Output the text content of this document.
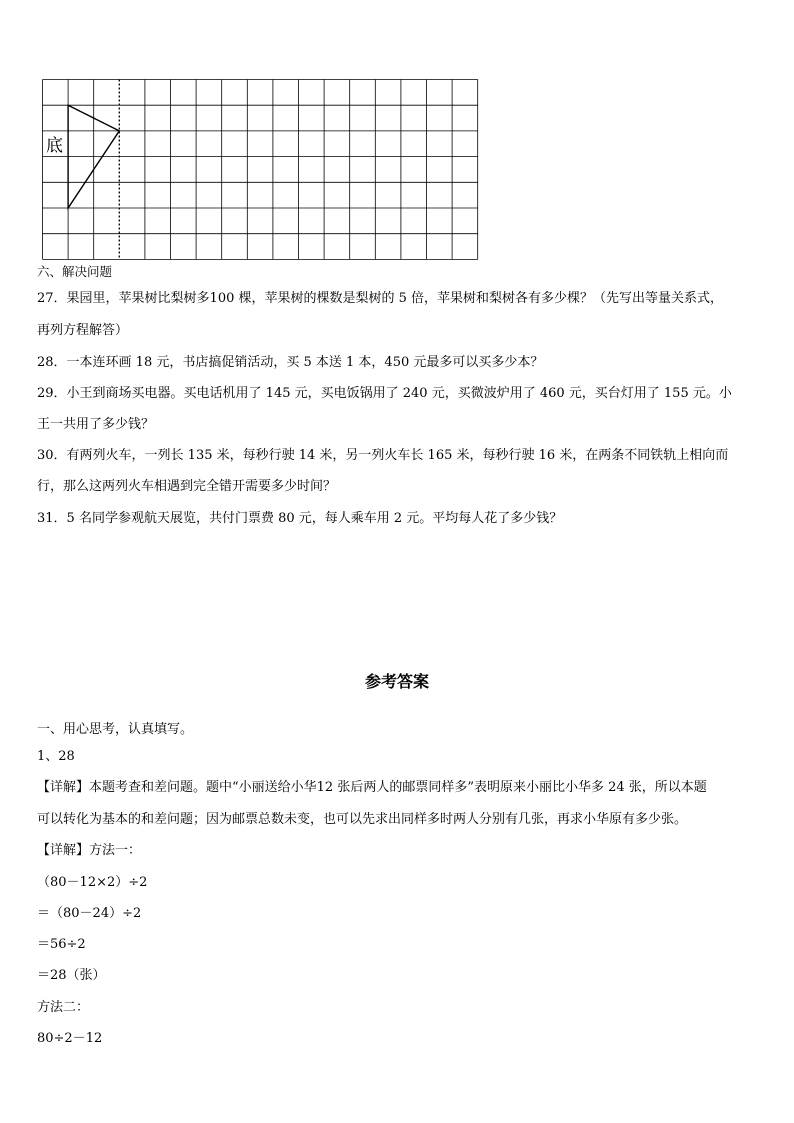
底
六、解决问题
27．果园里，苹果树比梨树多100 棵，苹果树的棵数是梨树的 5 倍，苹果树和梨树各有多少棵？（先写出等量关系式，
再列方程解答）
28．一本连环画 18 元，书店搞促销活动，买 5 本送 1 本，450 元最多可以买多少本？
29．小王到商场买电器。买电话机用了 145 元，买电饭锅用了 240 元，买微波炉用了 460 元，买台灯用了 155 元。小
王一共用了多少钱？
30．有两列火车，一列长 135 米，每秒行驶 14 米，另一列火车长 165 米，每秒行驶 16 米，在两条不同铁轨上相向而
行，那么这两列火车相遇到完全错开需要多少时间？
31．5 名同学参观航天展览，共付门票费 80 元，每人乘车用 2 元。平均每人花了多少钱？
参考答案
一、用心思考，认真填写。
1、28
【详解】本题考查和差问题。题中“小丽送给小华12 张后两人的邮票同样多”表明原来小丽比小华多 24 张，所以本题
可以转化为基本的和差问题；因为邮票总数未变，也可以先求出同样多时两人分别有几张，再求小华原有多少张。
【详解】方法一：
（80－12×2）÷2
＝（80－24）÷2
＝56÷2
＝28（张）
方法二：
80÷2－12
